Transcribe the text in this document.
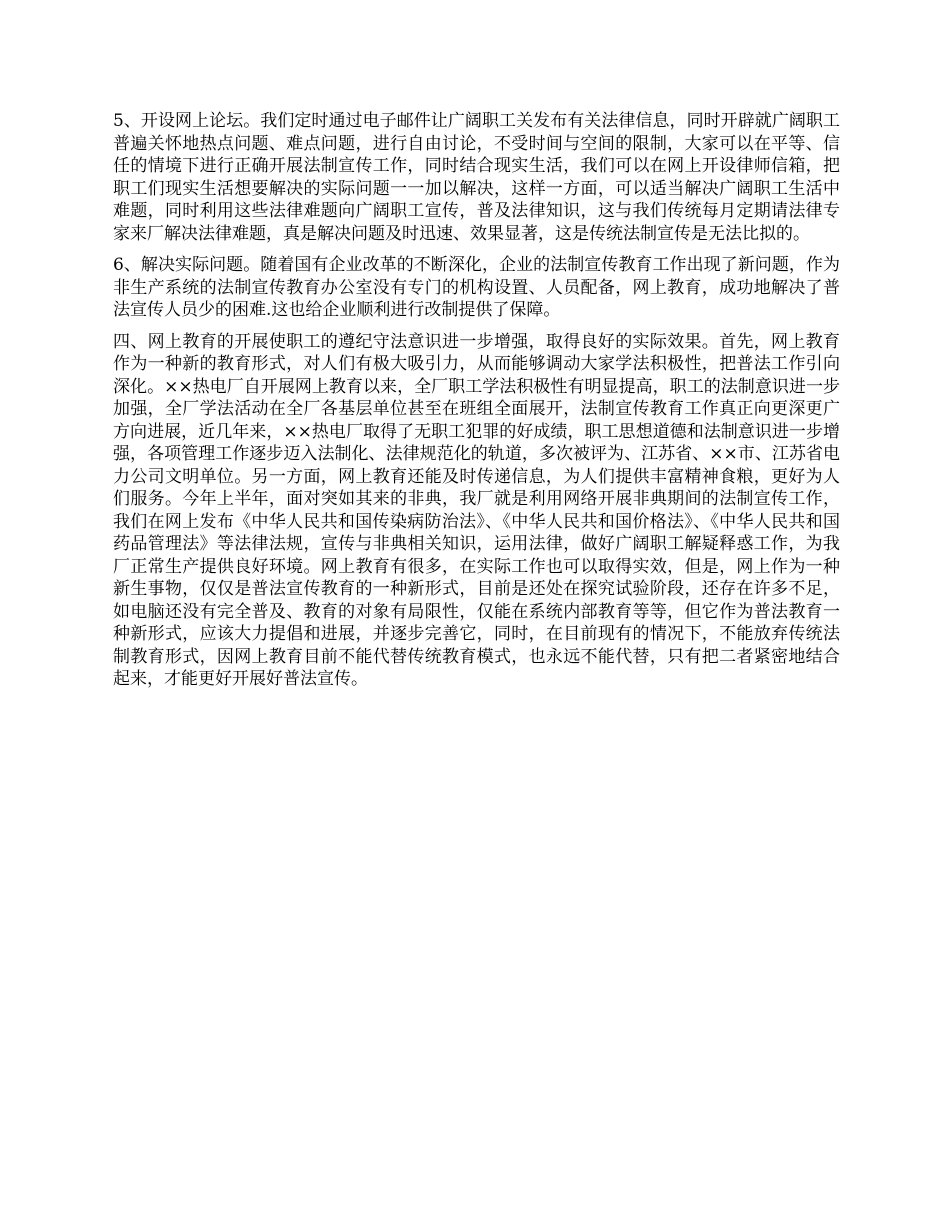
5、开设网上论坛。我们定时通过电子邮件让广阔职工关发布有关法律信息，同时开辟就广阔职工普遍关怀地热点问题、难点问题，进行自由讨论，不受时间与空间的限制，大家可以在平等、信任的情境下进行正确开展法制宣传工作，同时结合现实生活，我们可以在网上开设律师信箱，把职工们现实生活想要解决的实际问题一一加以解决，这样一方面，可以适当解决广阔职工生活中难题，同时利用这些法律难题向广阔职工宣传，普及法律知识，这与我们传统每月定期请法律专家来厂解决法律难题，真是解决问题及时迅速、效果显著，这是传统法制宣传是无法比拟的。

6、解决实际问题。随着国有企业改革的不断深化，企业的法制宣传教育工作出现了新问题，作为非生产系统的法制宣传教育办公室没有专门的机构设置、人员配备，网上教育，成功地解决了普法宣传人员少的困难.这也给企业顺利进行改制提供了保障。

四、网上教育的开展使职工的遵纪守法意识进一步增强，取得良好的实际效果。首先，网上教育作为一种新的教育形式，对人们有极大吸引力，从而能够调动大家学法积极性，把普法工作引向深化。××热电厂自开展网上教育以来，全厂职工学法积极性有明显提高，职工的法制意识进一步加强，全厂学法活动在全厂各基层单位甚至在班组全面展开，法制宣传教育工作真正向更深更广方向进展，近几年来，××热电厂取得了无职工犯罪的好成绩，职工思想道德和法制意识进一步增强，各项管理工作逐步迈入法制化、法律规范化的轨道，多次被评为、江苏省、××市、江苏省电力公司文明单位。另一方面，网上教育还能及时传递信息，为人们提供丰富精神食粮，更好为人们服务。今年上半年，面对突如其来的非典，我厂就是利用网络开展非典期间的法制宣传工作，我们在网上发布《中华人民共和国传染病防治法》、《中华人民共和国价格法》、《中华人民共和国药品管理法》等法律法规，宣传与非典相关知识，运用法律，做好广阔职工解疑释惑工作，为我厂正常生产提供良好环境。网上教育有很多，在实际工作也可以取得实效，但是，网上作为一种新生事物，仅仅是普法宣传教育的一种新形式，目前是还处在探究试验阶段，还存在许多不足，如电脑还没有完全普及、教育的对象有局限性，仅能在系统内部教育等等，但它作为普法教育一种新形式，应该大力提倡和进展，并逐步完善它，同时，在目前现有的情况下，不能放弃传统法制教育形式，因网上教育目前不能代替传统教育模式，也永远不能代替，只有把二者紧密地结合起来，才能更好开展好普法宣传。
